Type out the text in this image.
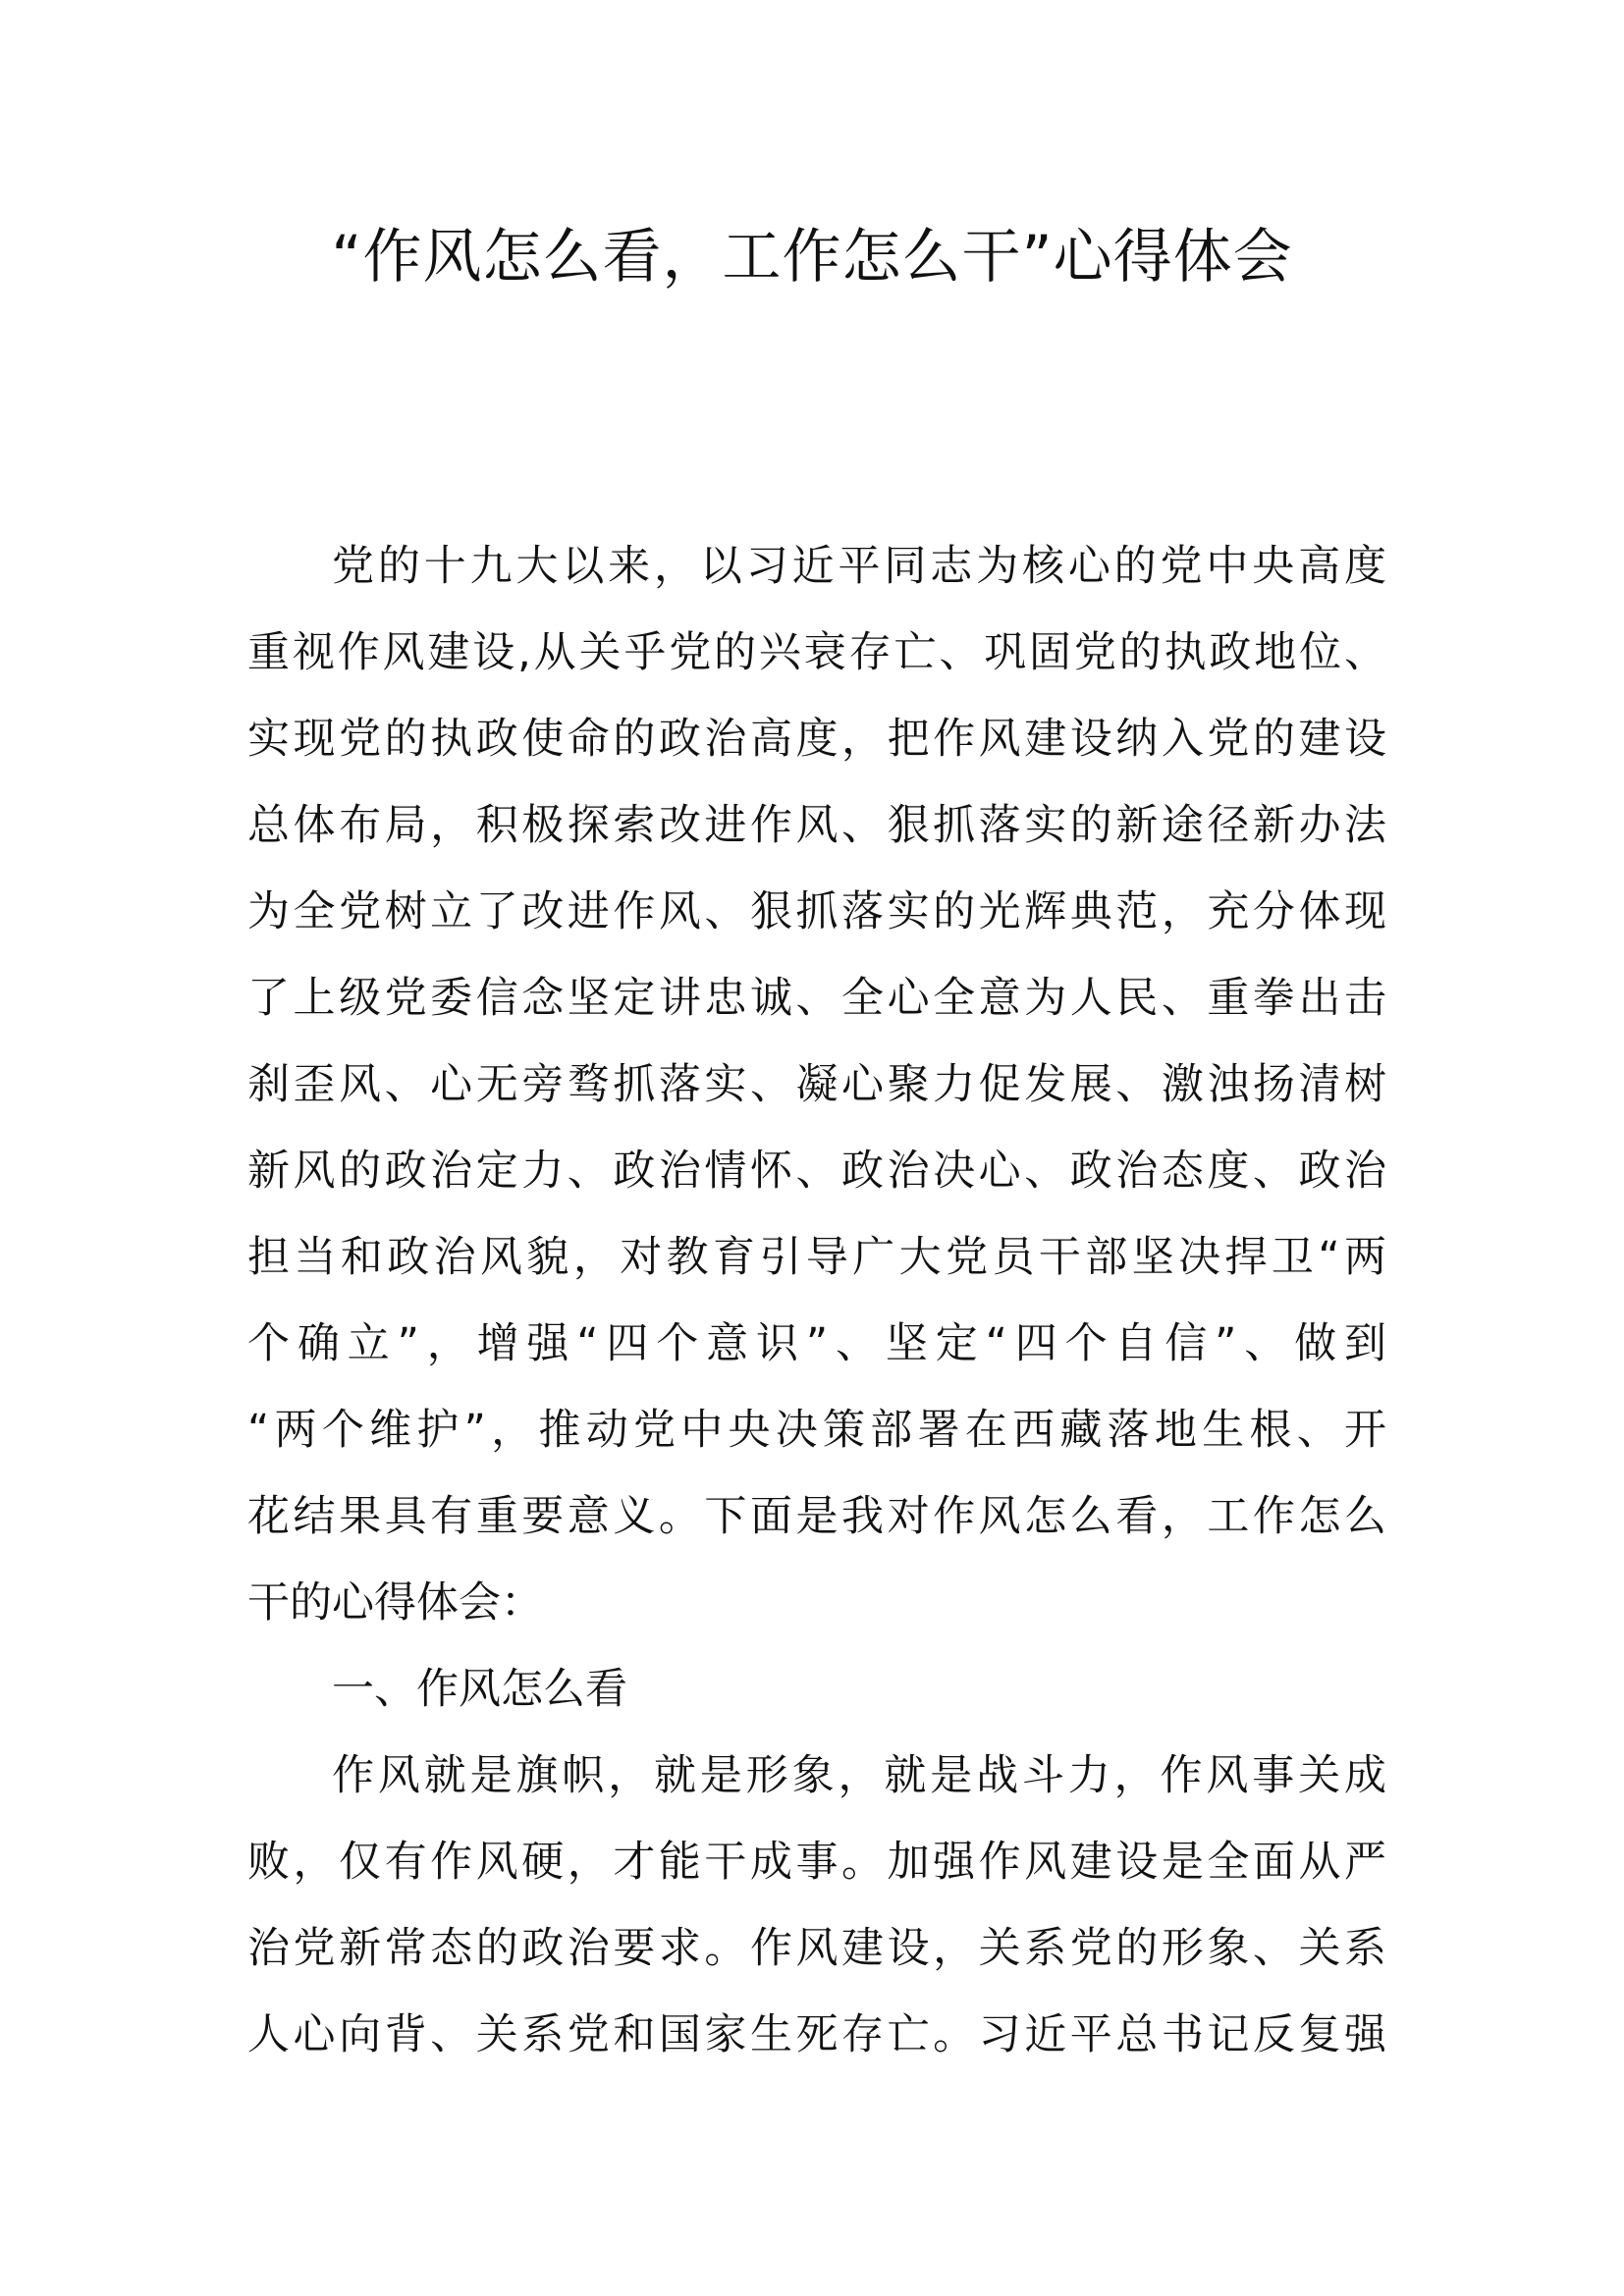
“作风怎么看，工作怎么干”心得体会
党的十九大以来，以习近平同志为核心的党中央高度
重视作风建设,从关乎党的兴衰存亡、巩固党的执政地位、
实现党的执政使命的政治高度，把作风建设纳入党的建设
总体布局，积极探索改进作风、狠抓落实的新途径新办法
为全党树立了改进作风、狠抓落实的光辉典范，充分体现
了上级党委信念坚定讲忠诚、全心全意为人民、重拳出击
刹歪风、心无旁骛抓落实、凝心聚力促发展、激浊扬清树
新风的政治定力、政治情怀、政治决心、政治态度、政治
担当和政治风貌，对教育引导广大党员干部坚决捍卫“两
个确立”，增强“四个意识”、坚定“四个自信”、做到
“两个维护”，推动党中央决策部署在西藏落地生根、开
花结果具有重要意义。下面是我对作风怎么看，工作怎么
干的心得体会：
一、作风怎么看
作风就是旗帜，就是形象，就是战斗力，作风事关成
败，仅有作风硬，才能干成事。加强作风建设是全面从严
治党新常态的政治要求。作风建设，关系党的形象、关系
人心向背、关系党和国家生死存亡。习近平总书记反复强
